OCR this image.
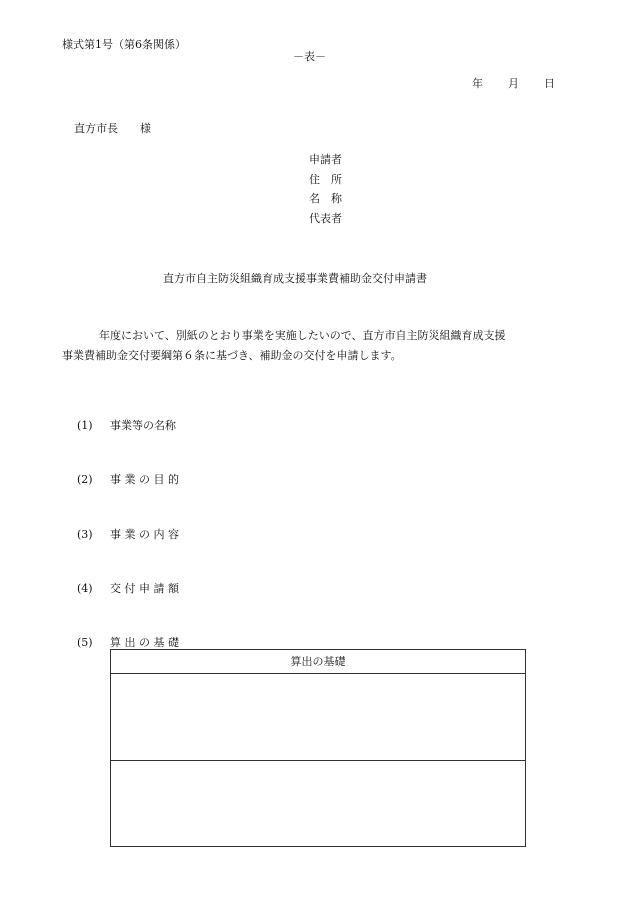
様式第1号（第6条関係）
－表－
年 月 日
直方市長　　様
申請者
住　所
名　称
代表者
直方市自主防災組織育成支援事業費補助金交付申請書
年度において、別紙のとおり事業を実施したいので、直方市自主防災組織育成支援
事業費補助金交付要綱第６条に基づき、補助金の交付を申請します。
(1) 事業等の名称
(2) 事 業 の 目 的
(3) 事 業 の 内 容
(4) 交 付 申 請 額
(5) 算 出 の 基 礎
算出の基礎
